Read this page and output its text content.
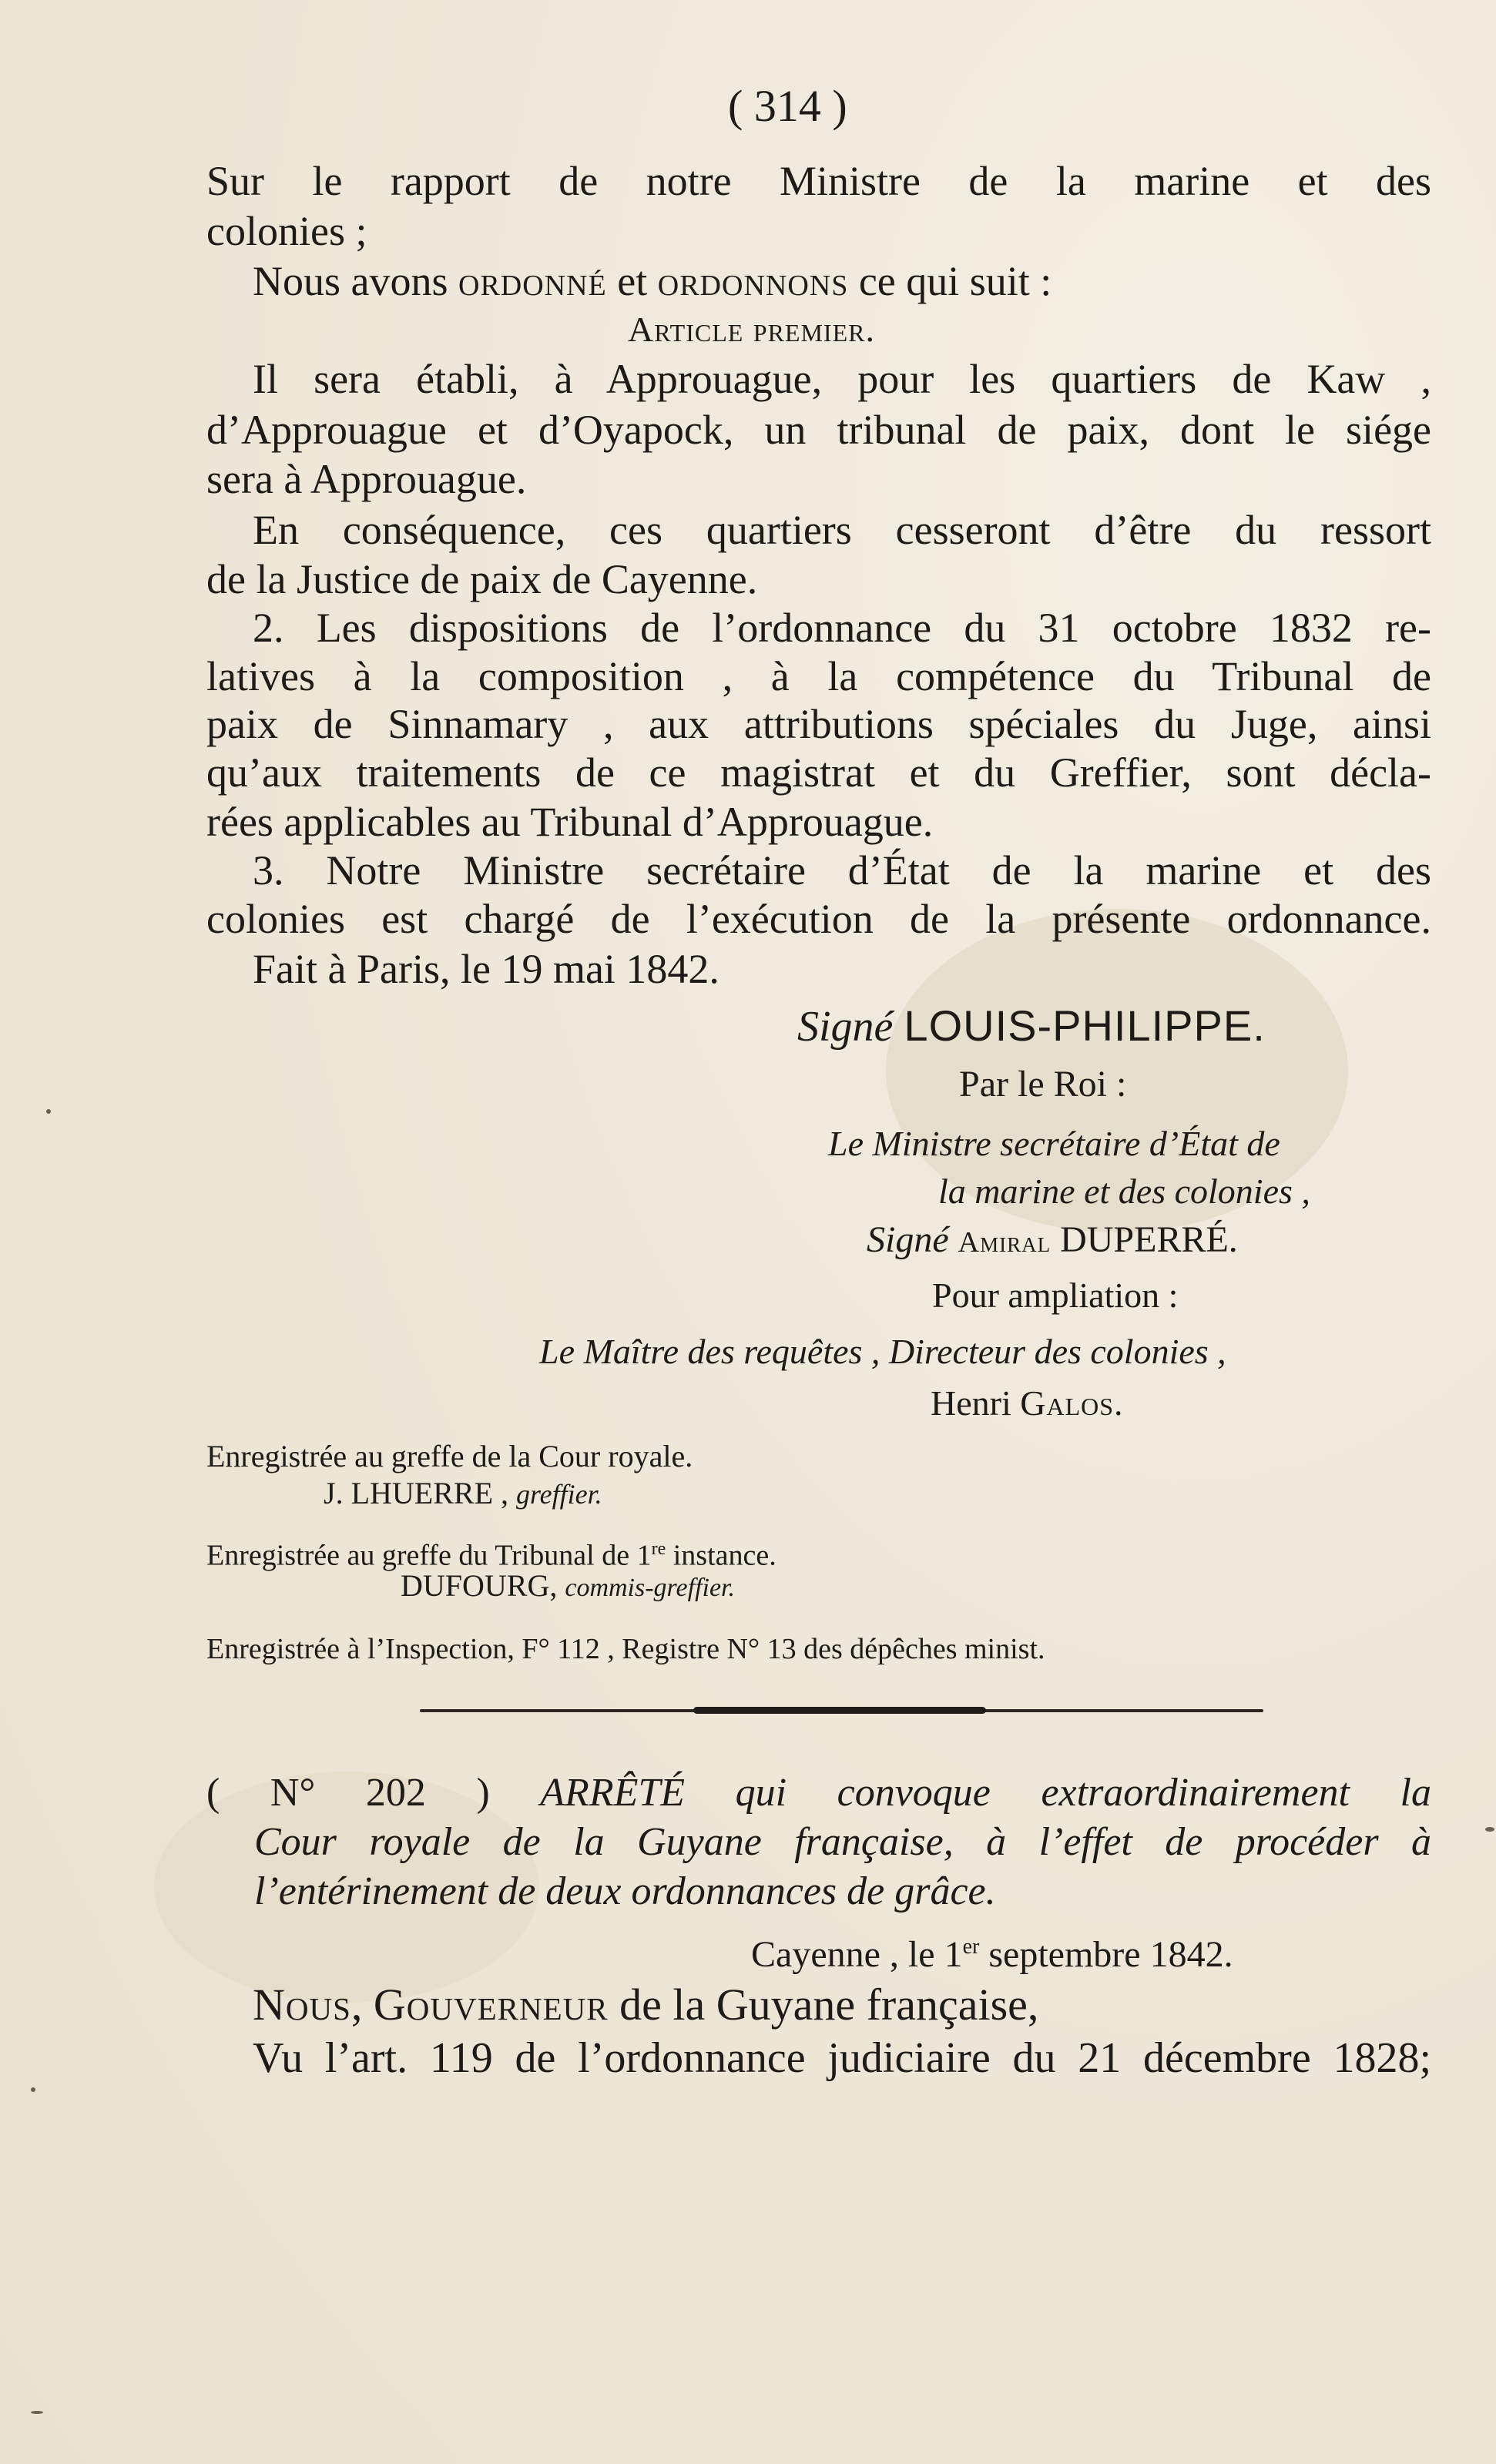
( 314 )
Sur le rapport de notre Ministre de la marine et des
colonies ;
Nous avons ordonné et ordonnons ce qui suit :
Article premier.
Il sera établi, à Approuague, pour les quartiers de Kaw ,
d’Approuague et d’Oyapock, un tribunal de paix, dont le siége
sera à Approuague.
En conséquence, ces quartiers cesseront d’être du ressort
de la Justice de paix de Cayenne.
2. Les dispositions de l’ordonnance du 31 octobre 1832 re-
latives à la composition , à la compétence du Tribunal de
paix de Sinnamary , aux attributions spéciales du Juge, ainsi
qu’aux traitements de ce magistrat et du Greffier, sont décla-
rées applicables au Tribunal d’Approuague.
3. Notre Ministre secrétaire d’État de la marine et des
colonies est chargé de l’exécution de la présente ordonnance.
Fait à Paris, le 19 mai 1842.
Signé LOUIS-PHILIPPE.
Par le Roi :
Le Ministre secrétaire d’État de
la marine et des colonies ,
Signé Amiral DUPERRÉ.
Pour ampliation :
Le Maître des requêtes , Directeur des colonies ,
Henri Galos.
Enregistrée au greffe de la Cour royale.
J. LHUERRE , greffier.
Enregistrée au greffe du Tribunal de 1re instance.
DUFOURG, commis-greffier.
Enregistrée à l’Inspection, F° 112 , Registre N° 13 des dépêches minist.
( N° 202 ) ARRÊTÉ qui convoque extraordinairement la
Cour royale de la Guyane française, à l’effet de procéder à
l’entérinement de deux ordonnances de grâce.
Cayenne , le 1er septembre 1842.
Nous, Gouverneur de la Guyane française,
Vu l’art. 119 de l’ordonnance judiciaire du 21 décembre 1828;
